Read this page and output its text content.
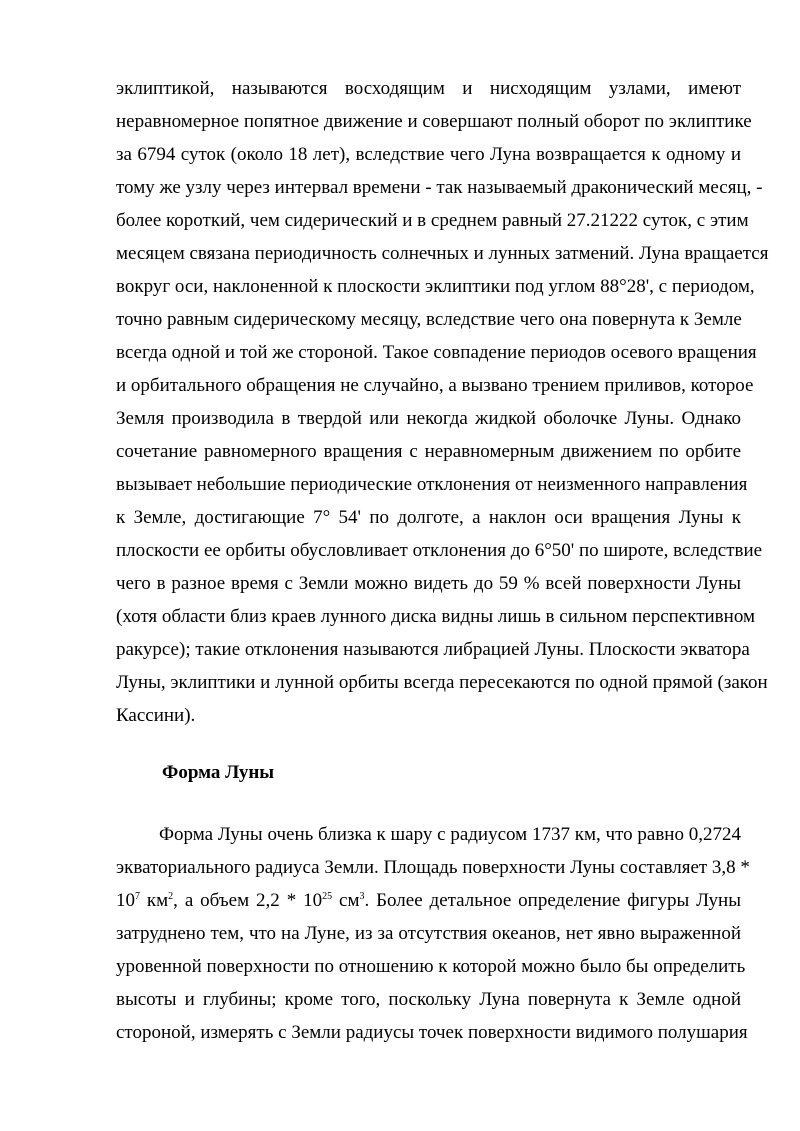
эклиптикой, называются восходящим и нисходящим узлами, имеют
неравномерное попятное движение и совершают полный оборот по эклиптике
за 6794 суток (около 18 лет), вследствие чего Луна возвращается к одному и
тому же узлу через интервал времени - так называемый драконический месяц, -
более короткий, чем сидерический и в среднем равный 27.21222 суток, с этим
месяцем связана периодичность солнечных и лунных затмений. Луна вращается
вокруг оси, наклоненной к плоскости эклиптики под углом 88°28', с периодом,
точно равным сидерическому месяцу, вследствие чего она повернута к Земле
всегда одной и той же стороной. Такое совпадение периодов осевого вращения
и орбитального обращения не случайно, а вызвано трением приливов, которое
Земля производила в твердой или некогда жидкой оболочке Луны. Однако
сочетание равномерного вращения с неравномерным движением по орбите
вызывает небольшие периодические отклонения от неизменного направления
к Земле, достигающие 7° 54' по долготе, а наклон оси вращения Луны к
плоскости ее орбиты обусловливает отклонения до 6°50' по широте, вследствие
чего в разное время с Земли можно видеть до 59 % всей поверхности Луны
(хотя области близ краев лунного диска видны лишь в сильном перспективном
ракурсе); такие отклонения называются либрацией Луны. Плоскости экватора
Луны, эклиптики и лунной орбиты всегда пересекаются по одной прямой (закон
Кассини).
Форма Луны
Форма Луны очень близка к шару с радиусом 1737 км, что равно 0,2724
экваториального радиуса Земли. Площадь поверхности Луны составляет 3,8 *
$10^7$ $км^2$, а объем $2,2 * 10^{25}$ $см^3$. Более детальное определение фигуры Луны
затруднено тем, что на Луне, из за отсутствия океанов, нет явно выраженной
уровенной поверхности по отношению к которой можно было бы определить
высоты и глубины; кроме того, поскольку Луна повернута к Земле одной
стороной, измерять с Земли радиусы точек поверхности видимого полушария
